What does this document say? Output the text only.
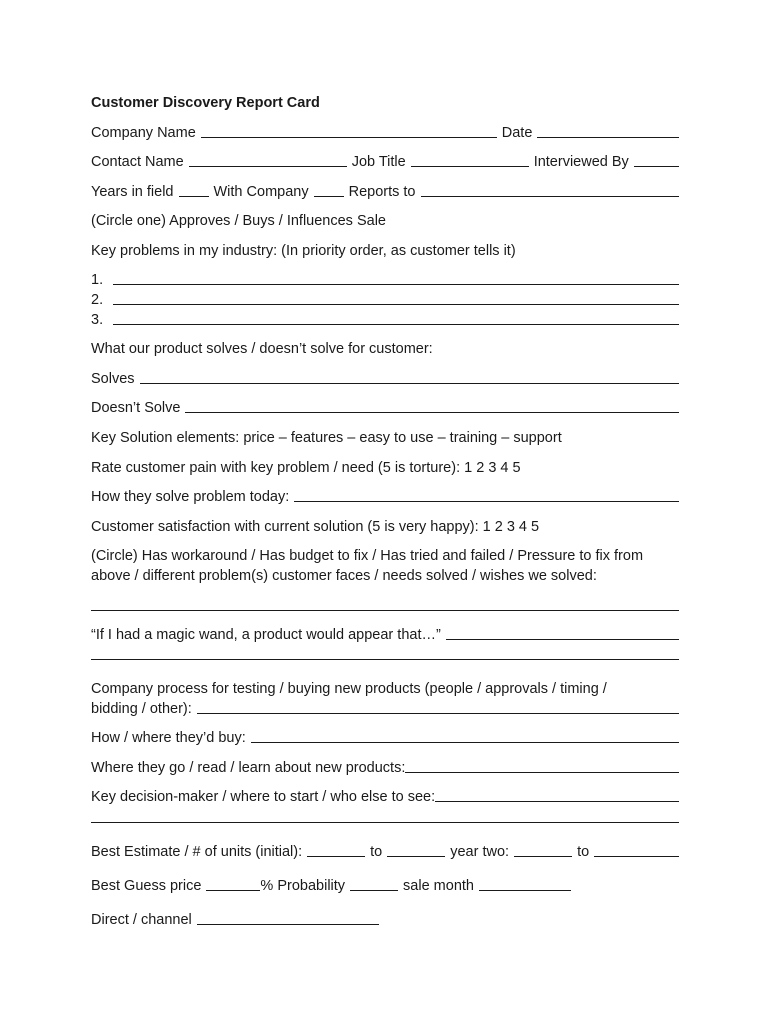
Customer Discovery Report Card
Company Name	Date
Contact Name	Job Title	Interviewed By
Years in field	With Company	Reports to
(Circle one) Approves / Buys / Influences Sale
Key problems in my industry: (In priority order, as customer tells it)
1.
2.
3.
What our product solves / doesn’t solve for customer:
Solves
Doesn’t Solve
Key Solution elements: price – features – easy to use – training – support
Rate customer pain with key problem / need (5 is torture): 1 2 3 4 5
How they solve problem today:
Customer satisfaction with current solution (5 is very happy): 1 2 3 4 5
(Circle) Has workaround / Has budget to fix / Has tried and failed / Pressure to fix from
above / different problem(s) customer faces / needs solved / wishes we solved:
“If I had a magic wand, a product would appear that…”
Company process for testing / buying new products (people / approvals / timing /
bidding / other):
How / where they’d buy:
Where they go / read / learn about new products:
Key decision-maker / where to start / who else to see:
Best Estimate / # of units (initial):	to	year two:	to
Best Guess price	% Probability	sale month
Direct / channel
